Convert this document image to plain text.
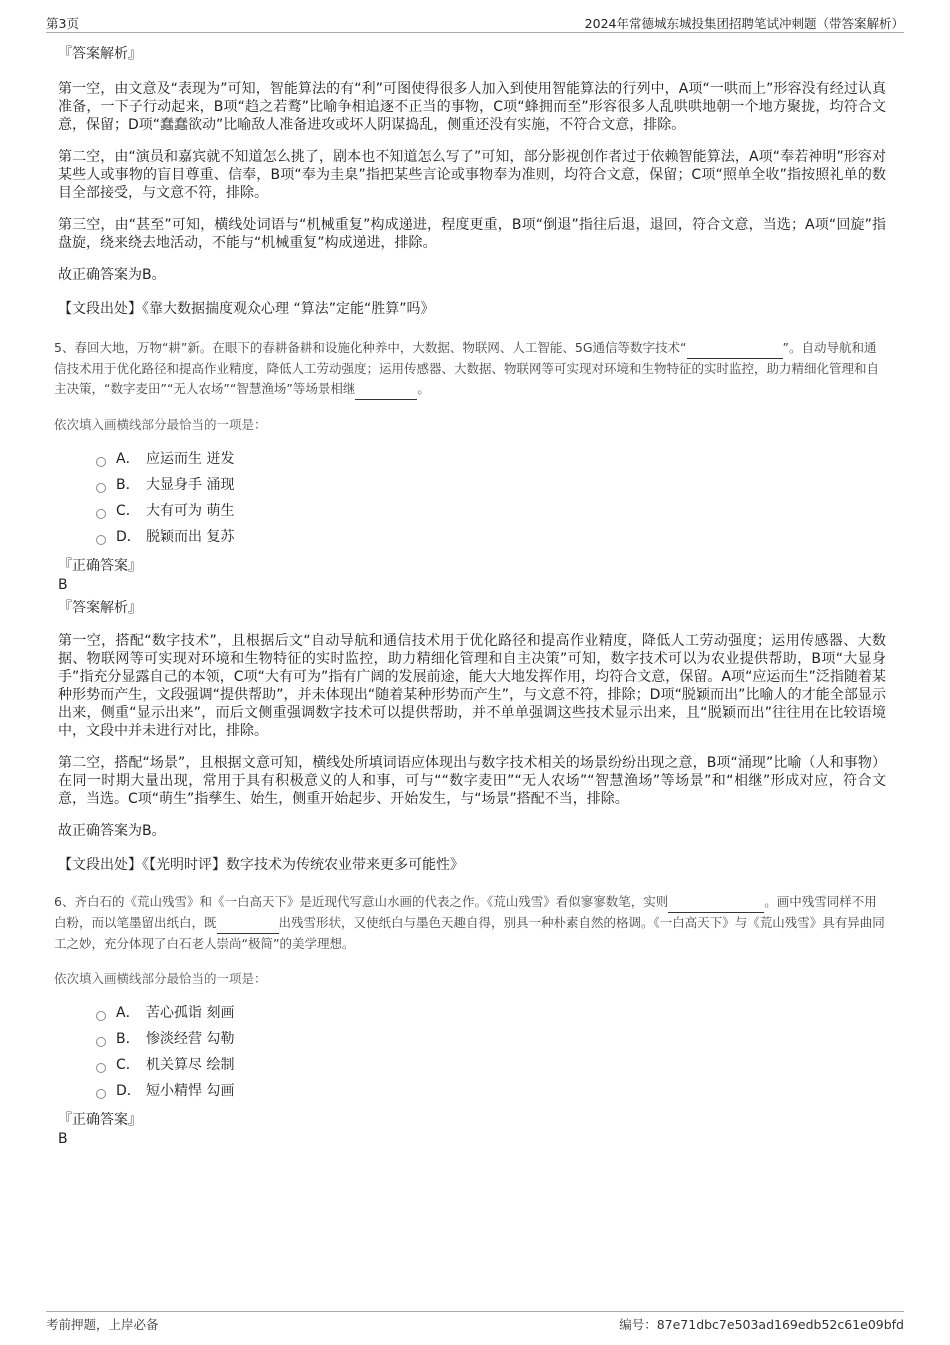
第3页	2024年常德城东城投集团招聘笔试冲刺题（带答案解析）
『答案解析』

第一空，由文意及“表现为”可知，智能算法的有“利”可图使得很多人加入到使用智能算法的行列中，A项“一哄而上”形容没有经过认真准备，一下子行动起来，B项“趋之若鹜”比喻争相追逐不正当的事物，C项“蜂拥而至”形容很多人乱哄哄地朝一个地方聚拢，均符合文意，保留；D项“蠢蠢欲动”比喻敌人准备进攻或坏人阴谋捣乱，侧重还没有实施，不符合文意，排除。

第二空，由“演员和嘉宾就不知道怎么挑了，剧本也不知道怎么写了”可知，部分影视创作者过于依赖智能算法，A项“奉若神明”形容对某些人或事物的盲目尊重、信奉，B项“奉为圭臬”指把某些言论或事物奉为准则，均符合文意，保留；C项“照单全收”指按照礼单的数目全部接受，与文意不符，排除。

第三空，由“甚至”可知，横线处词语与“机械重复”构成递进，程度更重，B项“倒退”指往后退，退回，符合文意，当选；A项“回旋”指盘旋，绕来绕去地活动，不能与“机械重复”构成递进，排除。

故正确答案为B。

【文段出处】《靠大数据揣度观众心理 “算法”定能“胜算”吗》

5、春回大地，万物“耕”新。在眼下的春耕备耕和设施化种养中，大数据、物联网、人工智能、5G通信等数字技术“	”。自动导航和通信技术用于优化路径和提高作业精度，降低人工劳动强度；运用传感器、大数据、物联网等可实现对环境和生物特征的实时监控，助力精细化管理和自主决策，“数字麦田”“无人农场”“智慧渔场”等场景相继	。

依次填入画横线部分最恰当的一项是：
A． 应运而生 迸发
B． 大显身手 涌现
C． 大有可为 萌生
D． 脱颖而出 复苏
『正确答案』
B
『答案解析』

第一空，搭配“数字技术”，且根据后文“自动导航和通信技术用于优化路径和提高作业精度，降低人工劳动强度；运用传感器、大数据、物联网等可实现对环境和生物特征的实时监控，助力精细化管理和自主决策”可知，数字技术可以为农业提供帮助，B项“大显身手”指充分显露自己的本领，C项“大有可为”指有广阔的发展前途，能大大地发挥作用，均符合文意，保留。A项“应运而生”泛指随着某种形势而产生，文段强调“提供帮助”，并未体现出“随着某种形势而产生”，与文意不符，排除；D项“脱颖而出”比喻人的才能全部显示出来，侧重“显示出来”，而后文侧重强调数字技术可以提供帮助，并不单单强调这些技术显示出来，且“脱颖而出”往往用在比较语境中，文段中并未进行对比，排除。

第二空，搭配“场景”，且根据文意可知，横线处所填词语应体现出与数字技术相关的场景纷纷出现之意，B项“涌现”比喻（人和事物）在同一时期大量出现，常用于具有积极意义的人和事，可与““数字麦田”“无人农场”“智慧渔场”等场景”和“相继”形成对应，符合文意，当选。C项“萌生”指孳生、始生，侧重开始起步、开始发生，与“场景”搭配不当，排除。

故正确答案为B。

【文段出处】《【光明时评】数字技术为传统农业带来更多可能性》

6、齐白石的《荒山残雪》和《一白高天下》是近现代写意山水画的代表之作。《荒山残雪》看似寥寥数笔，实则	。画中残雪同样不用白粉，而以笔墨留出纸白，既	出残雪形状，又使纸白与墨色天趣自得，别具一种朴素自然的格调。《一白高天下》与《荒山残雪》具有异曲同工之妙，充分体现了白石老人崇尚“极简”的美学理想。

依次填入画横线部分最恰当的一项是：
A． 苦心孤诣 刻画
B． 惨淡经营 勾勒
C． 机关算尽 绘制
D． 短小精悍 勾画
『正确答案』
B
考前押题，上岸必备	编号：87e71dbc7e503ad169edb52c61e09bfd
